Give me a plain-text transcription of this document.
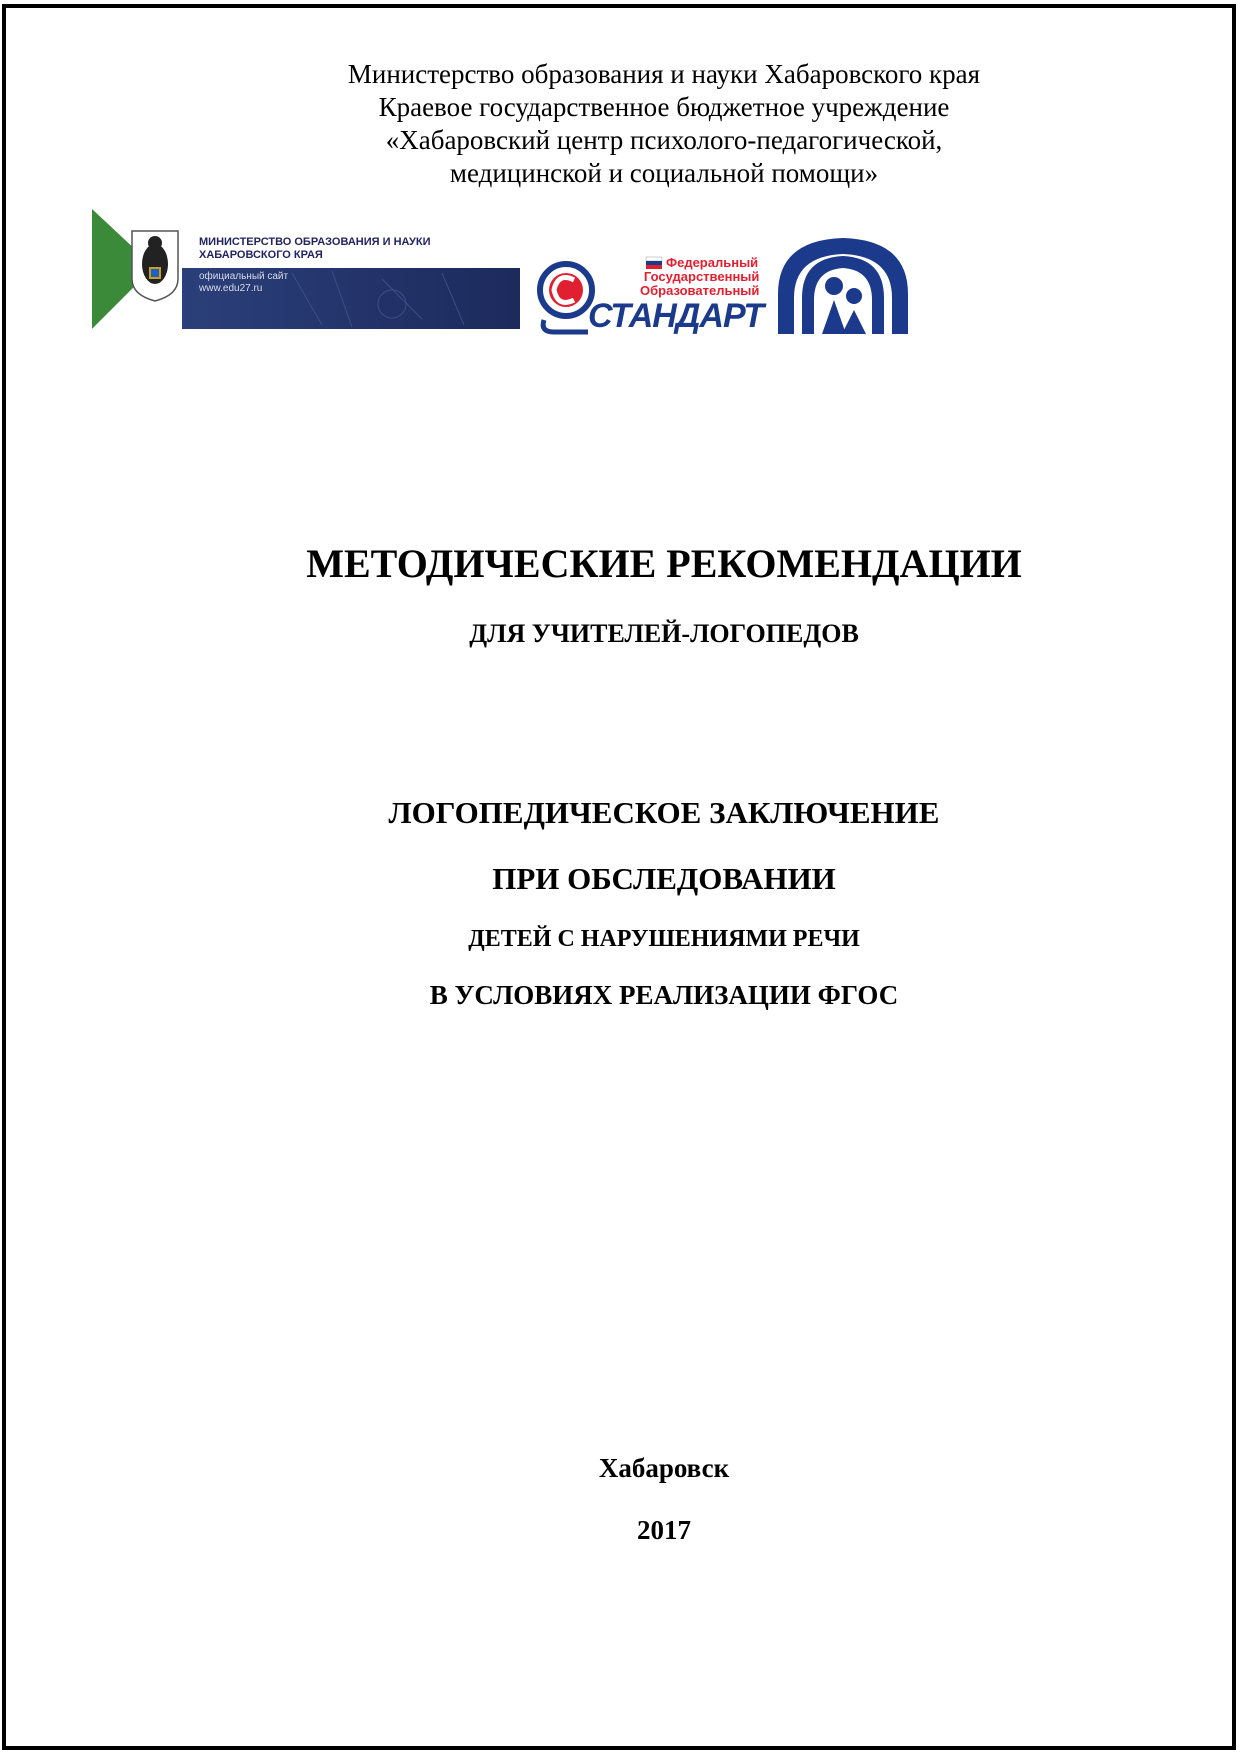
Министерство образования и науки Хабаровского края
Краевое государственное бюджетное учреждение
«Хабаровский центр психолого-педагогической,
медицинской и социальной помощи»
МИНИСТЕРСТВО ОБРАЗОВАНИЯ И НАУКИ
ХАБАРОВСКОГО КРАЯ
официальный сайт
www.edu27.ru
Федеральный
Государственный
Образовательный
СТАНДАРТ
МЕТОДИЧЕСКИЕ РЕКОМЕНДАЦИИ
ДЛЯ УЧИТЕЛЕЙ-ЛОГОПЕДОВ
ЛОГОПЕДИЧЕСКОЕ ЗАКЛЮЧЕНИЕ
ПРИ ОБСЛЕДОВАНИИ
ДЕТЕЙ С НАРУШЕНИЯМИ РЕЧИ
В УСЛОВИЯХ РЕАЛИЗАЦИИ ФГОС
Хабаровск
2017
